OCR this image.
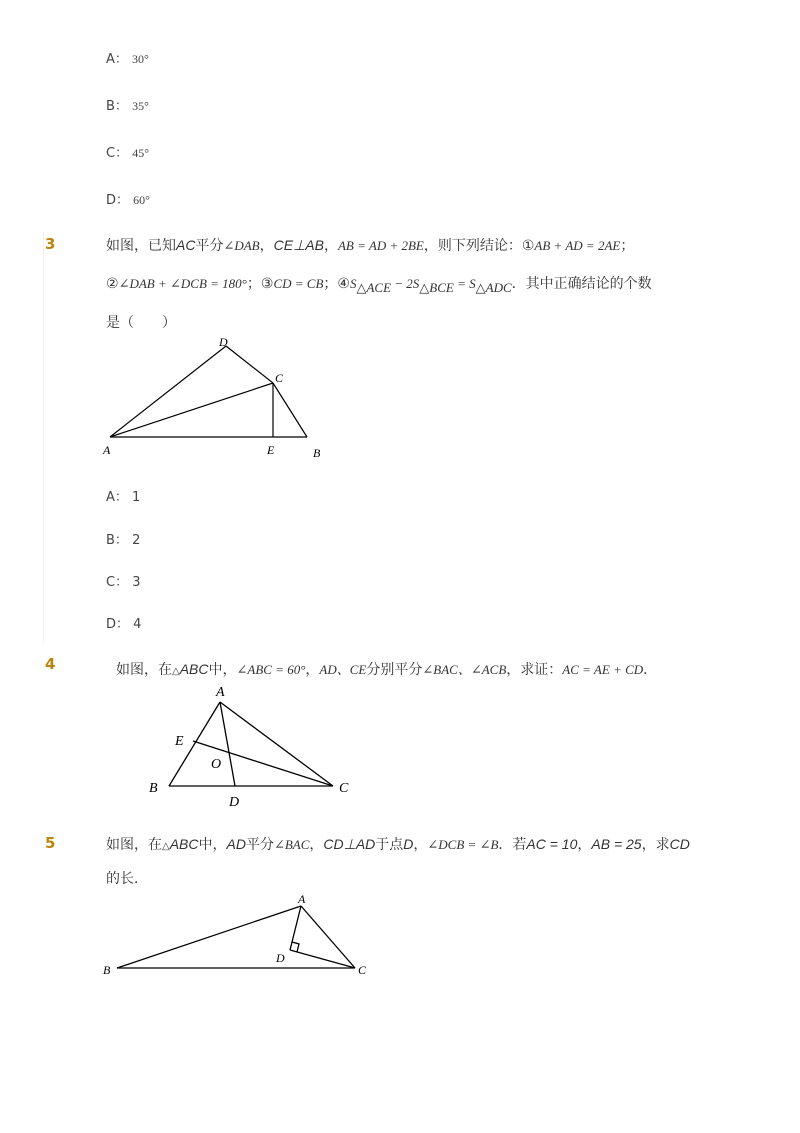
A： 30°
B： 35°
C： 45°
D： 60°
3	如图，已知AC平分∠DAB，CE⊥AB，AB = AD + 2BE，则下列结论：①AB + AD = 2AE；
②∠DAB + ∠DCB = 180°；③CD = CB；$④S_{\triangle ACE} - 2S_{\triangle BCE} = S_{\triangle ADC}$．其中正确结论的个数
是（　　）
A
D
C
E	B
A： 1
B： 2
C： 3
D： 4
4	如图，在△ABC中，∠ABC = 60°，AD、CE分别平分∠BAC、∠ACB，求证：AC = AE + CD．
A
E
O
B
D
C
5	如图，在△ABC中，AD平分∠BAC，CD⊥AD于点D，∠DCB = ∠B．若AC = 10，AB = 25，求CD
的长．
A
B
D
C
